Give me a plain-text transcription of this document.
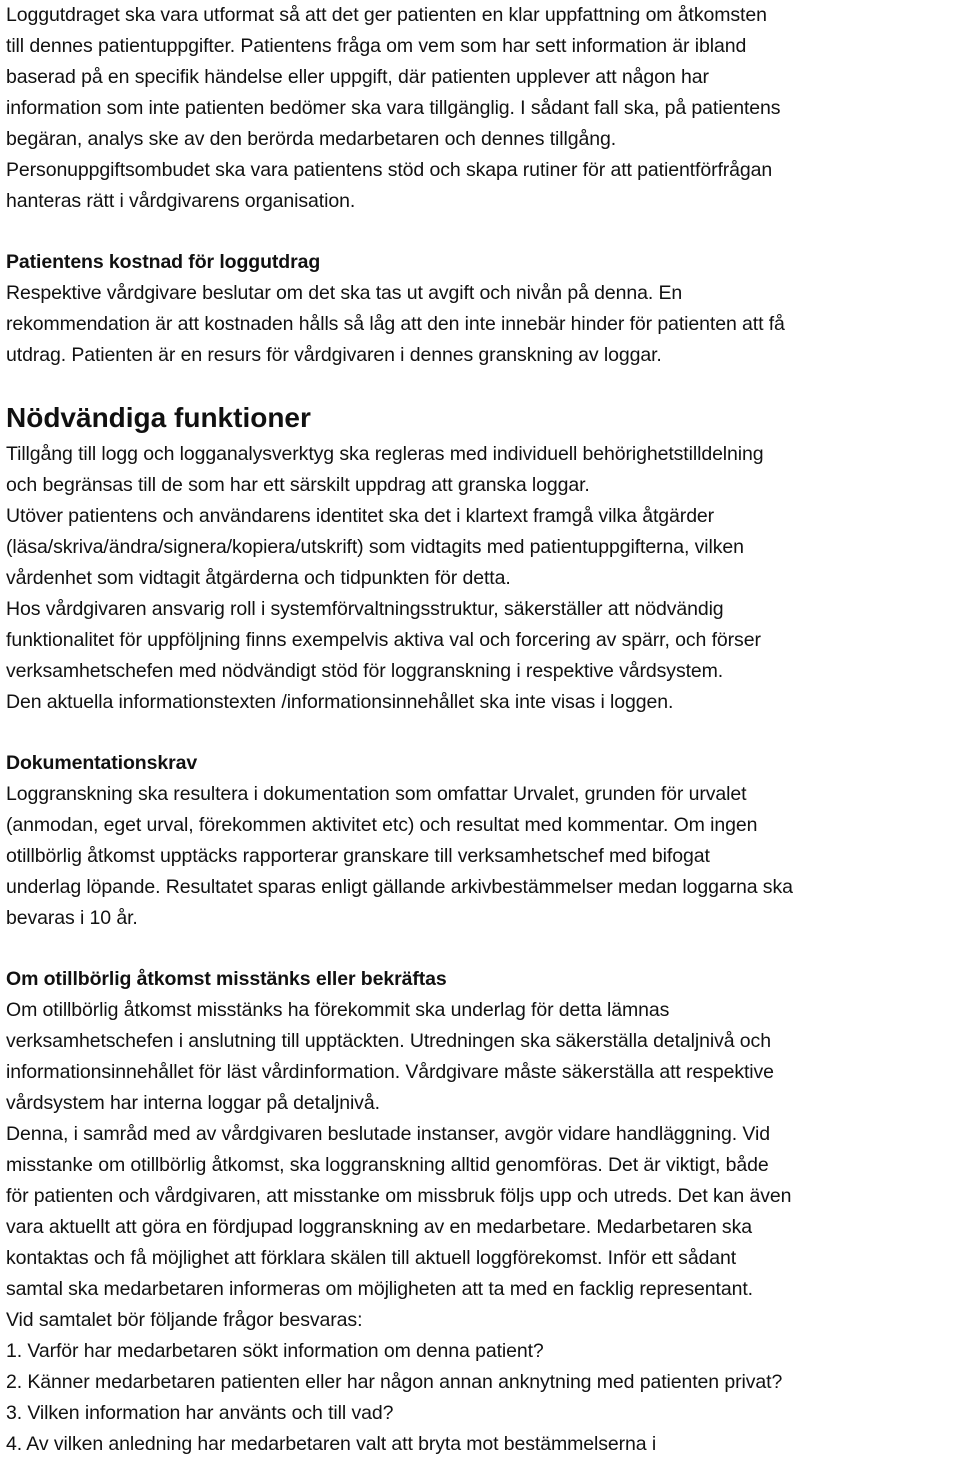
Loggutdraget ska vara utformat så att det ger patienten en klar uppfattning om åtkomsten
till dennes patientuppgifter. Patientens fråga om vem som har sett information är ibland
baserad på en specifik händelse eller uppgift, där patienten upplever att någon har
information som inte patienten bedömer ska vara tillgänglig. I sådant fall ska, på patientens
begäran, analys ske av den berörda medarbetaren och dennes tillgång.
Personuppgiftsombudet ska vara patientens stöd och skapa rutiner för att patientförfrågan
hanteras rätt i vårdgivarens organisation.
Patientens kostnad för loggutdrag
Respektive vårdgivare beslutar om det ska tas ut avgift och nivån på denna. En
rekommendation är att kostnaden hålls så låg att den inte innebär hinder för patienten att få
utdrag. Patienten är en resurs för vårdgivaren i dennes granskning av loggar.
Nödvändiga funktioner
Tillgång till logg och logganalysverktyg ska regleras med individuell behörighetstilldelning
och begränsas till de som har ett särskilt uppdrag att granska loggar.
Utöver patientens och användarens identitet ska det i klartext framgå vilka åtgärder
(läsa/skriva/ändra/signera/kopiera/utskrift) som vidtagits med patientuppgifterna, vilken
vårdenhet som vidtagit åtgärderna och tidpunkten för detta.
Hos vårdgivaren ansvarig roll i systemförvaltningsstruktur, säkerställer att nödvändig
funktionalitet för uppföljning finns exempelvis aktiva val och forcering av spärr, och förser
verksamhetschefen med nödvändigt stöd för loggranskning i respektive vårdsystem.
Den aktuella informationstexten /informationsinnehållet ska inte visas i loggen.
Dokumentationskrav
Loggranskning ska resultera i dokumentation som omfattar Urvalet, grunden för urvalet
(anmodan, eget urval, förekommen aktivitet etc) och resultat med kommentar. Om ingen
otillbörlig åtkomst upptäcks rapporterar granskare till verksamhetschef med bifogat
underlag löpande. Resultatet sparas enligt gällande arkivbestämmelser medan loggarna ska
bevaras i 10 år.
Om otillbörlig åtkomst misstänks eller bekräftas
Om otillbörlig åtkomst misstänks ha förekommit ska underlag för detta lämnas
verksamhetschefen i anslutning till upptäckten. Utredningen ska säkerställa detaljnivå och
informationsinnehållet för läst vårdinformation. Vårdgivare måste säkerställa att respektive
vårdsystem har interna loggar på detaljnivå.
Denna, i samråd med av vårdgivaren beslutade instanser, avgör vidare handläggning. Vid
misstanke om otillbörlig åtkomst, ska loggranskning alltid genomföras. Det är viktigt, både
för patienten och vårdgivaren, att misstanke om missbruk följs upp och utreds. Det kan även
vara aktuellt att göra en fördjupad loggranskning av en medarbetare. Medarbetaren ska
kontaktas och få möjlighet att förklara skälen till aktuell loggförekomst. Inför ett sådant
samtal ska medarbetaren informeras om möjligheten att ta med en facklig representant.
Vid samtalet bör följande frågor besvaras:
1. Varför har medarbetaren sökt information om denna patient?
2. Känner medarbetaren patienten eller har någon annan anknytning med patienten privat?
3. Vilken information har använts och till vad?
4. Av vilken anledning har medarbetaren valt att bryta mot bestämmelserna i
